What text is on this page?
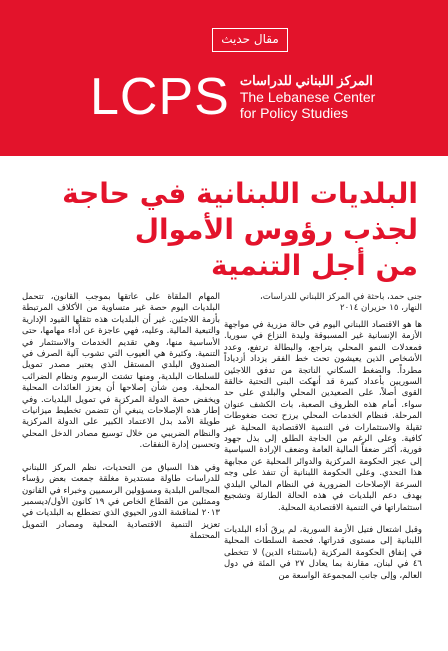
مقال حديث
LCPS المركز اللبناني للدراسات
The Lebanese Center
for Policy Studies
البلديات اللبنانية في حاجة
لجذب رؤوس الأموال
من أجل التنمية
جنى حمد، باحثة في المركز اللبناني للدراسات،
النهار، ١٥ حزيران ٢٠١٤

ها هو الاقتصاد اللبناني اليوم في حالة مزرية في مواجهة الأزمة الإنسانية غير المسبوقة وليدة النزاع في سوريا. فمعدلات النمو المحلي يتراجع، والبطالة ترتفع، وعدد الأشخاص الذين يعيشون تحت خط الفقر يزداد أزدياداً مطرداً. والضغط السكاني الناتجة من تدفق اللاجئين السوريين بأعداد كبيرة قد أنهكت البنى التحتية خالقة القوى أصلاً، على الصعيدين المحلي والبلدي على حد سواء. أمام هذه الظروف الصعبة، بات الكشف عنوان المرحلة. فنظام الخدمات المحلي يرزح تحت ضغوطات ثقيلة والاستثمارات في التنمية الاقتصادية المحلية غير كافية. وعلى الرغم من الحاجة الطلق إلى بذل جهود فورية، أكثر ضعفاً المالية العامة وضعف الإرادة السياسية إلى عجز الحكومة المركزية والدوائر المحلية عن مجابهة هذا التحدي. وعلى الحكومة اللبنانية أن تنفذ على وجه السرعة الإصلاحات الضرورية في النظام المالي البلدي بهدف دعم البلديات في هذه الحالة الطارئة وتشجيع استثماراتها في التنمية الاقتصادية المحلية.

وقبل اشتعال فتيل الأزمة السورية، لم يرقَ أداء البلديات اللبنانية إلى مستوى قدراتها. فحصة السلطات المحلية في إنفاق الحكومة المركزية (باستثناء الدين) لا تتخطى ٤٦ في لبنان، مقارنة بما يعادل ٢٧ في المئة في دول العالم، وإلى جانب المجموعة الواسعة من

المهام الملقاة على عاتقها بموجب القانون، تتحمل البلديات اليوم حصة غير متساوية من الأكلاف المرتبطة بأزمة اللاجئين. غير أن البلديات هذه تثقلها القيود الإدارية والتبعية المالية. وعليه، فهي عاجزة عن أداء مهامها، حتى الأساسية منها، وهي تقديم الخدمات والاستثمار في التنمية. وكثيرة هي العيوب التي تشوب آلية الصرف في الصندوق البلدي المستقل الذي يعتبر مصدر تمويل للسلطات البلدية، ومنها تشتت الرسوم ونظام الضرائب المحلية. ومن شأن إصلاحها أن يعزز العائدات المحلية ويخفض حصة الدولة المركزية في تمويل البلديات. وفي إطار هذه الإصلاحات ينبغي أن تتضمن تخطيط ميزانيات طويلة الأمد بدل الاعتماد الكبير على الدولة المركزية والنظام الضريبي من خلال توسيع مصادر الدخل المحلي وتحسين إدارة النفقات.

وفي هذا السياق من التحديات، نظم المركز اللبناني للدراسات طاولة مستديرة مغلقة جمعت بعض رؤساء المجالس البلدية ومسؤولين الرسميين وخبراء في القانون وممثلين من القطاع الخاص في ١٩ كانون الأول/ديسمبر ٢٠١٣ لمناقشة الدور الحيوي الذي تضطلع به البلديات في تعزيز التنمية الاقتصادية المحلية ومصادر التمويل المحتملة
